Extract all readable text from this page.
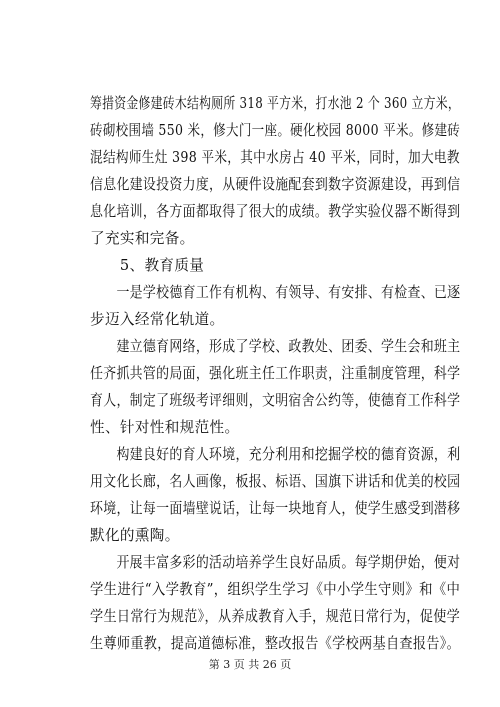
筹措资金修建砖木结构厕所 318 平方米，打水池 2 个 360 立方米，
砖砌校围墙 550 米，修大门一座。硬化校园 8000 平米。修建砖
混结构师生灶 398 平米，其中水房占 40 平米，同时，加大电教
信息化建设投资力度，从硬件设施配套到数字资源建设，再到信
息化培训，各方面都取得了很大的成绩。教学实验仪器不断得到
了充实和完备。
　　5、教育质量
　　一是学校德育工作有机构、有领导、有安排、有检查、已逐
步迈入经常化轨道。
　　建立德育网络，形成了学校、政教处、团委、学生会和班主
任齐抓共管的局面，强化班主任工作职责，注重制度管理，科学
育人，制定了班级考评细则，文明宿舍公约等，使德育工作科学
性、针对性和规范性。
　　构建良好的育人环境，充分利用和挖掘学校的德育资源，利
用文化长廊，名人画像，板报、标语、国旗下讲话和优美的校园
环境，让每一面墙壁说话，让每一块地育人，使学生感受到潜移
默化的熏陶。
　　开展丰富多彩的活动培养学生良好品质。每学期伊始，便对
学生进行“入学教育”，组织学生学习《中小学生守则》和《中
学生日常行为规范》，从养成教育入手，规范日常行为，促使学
生尊师重教，提高道德标准，整改报告《学校两基自查报告》。
第 3 页 共 26 页
